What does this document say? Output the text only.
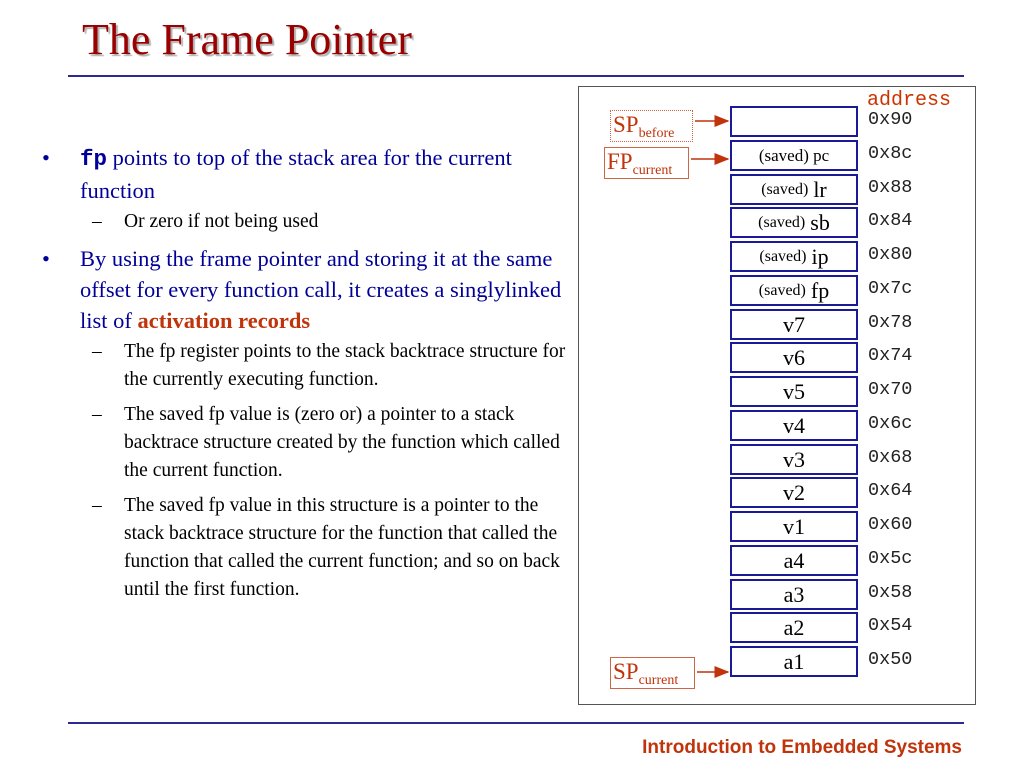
The Frame Pointer
• fp points to top of the stack area for the current function
– Or zero if not being used
• By using the frame pointer and storing it at the same offset for every function call, it creates a singlylinked list of activation records
– The fp register points to the stack backtrace structure for the currently executing function.
– The saved fp value is (zero or) a pointer to a stack backtrace structure created by the function which called the current function.
– The saved fp value in this structure is a pointer to the stack backtrace structure for the function that called the function that called the current function; and so on back until the first function.
address
$SP_{before}$
$FP_{current}$
$SP_{current}$
0x90
(saved) pc 0x8c
(saved) lr 0x88
(saved) sb 0x84
(saved) ip 0x80
(saved) fp 0x7c
v7	0x78
v6	0x74
v5	0x70
v4	0x6c
v3	0x68
v2	0x64
v1	0x60
a4	0x5c
a3	0x58
a2	0x54
a1	0x50
Introduction to Embedded Systems
